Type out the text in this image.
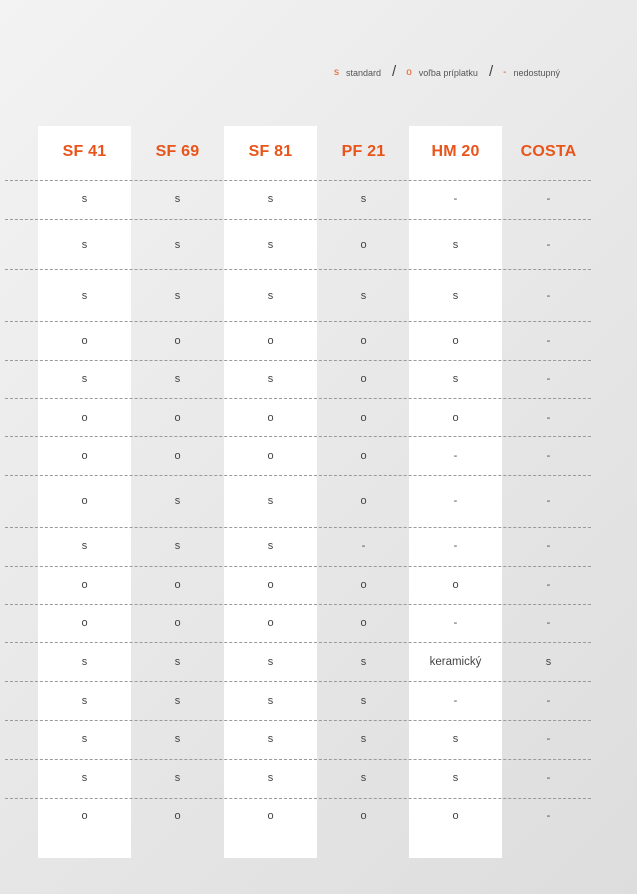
s standard / o voľba príplatku / - nedostupný
SF 41	SF 69	SF 81	PF 21	HM 20	COSTA
s	s	s	s	-	-
s	s	s	o	s	-
s	s	s	s	s	-
o	o	o	o	o	-
s	s	s	o	s	-
o	o	o	o	o	-
o	o	o	o	-	-
o	s	s	o	-	-
s	s	s	-	-	-
o	o	o	o	o	-
o	o	o	o	-	-
s	s	s	s	keramický	s
s	s	s	s	-	-
s	s	s	s	s	-
s	s	s	s	s	-
o	o	o	o	o	-
